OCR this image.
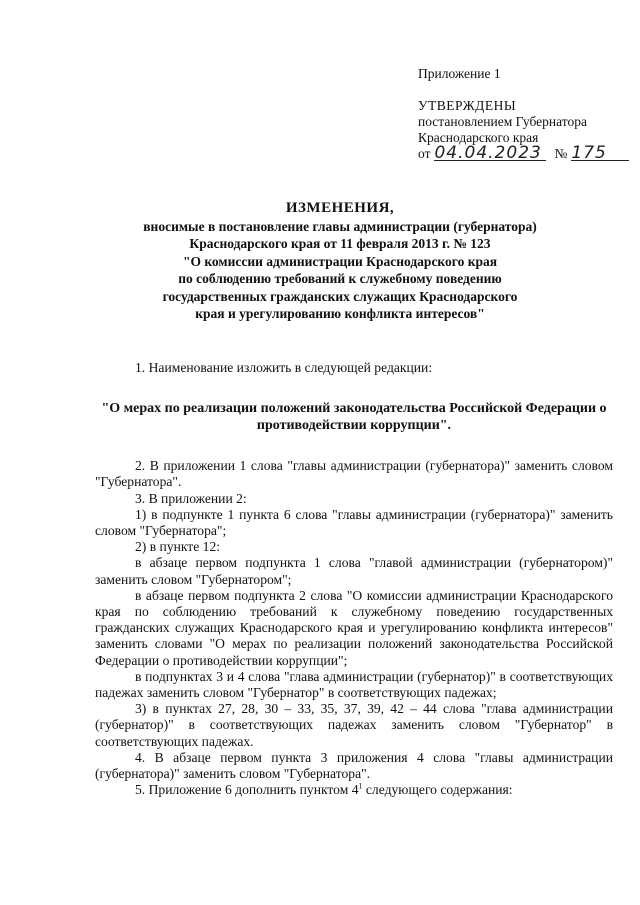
Приложение 1
УТВЕРЖДЕНЫ
постановлением Губернатора
Краснодарского края
от 04.04.2023 № 175
ИЗМЕНЕНИЯ,
вносимые в постановление главы администрации (губернатора)
Краснодарского края от 11 февраля 2013 г. № 123
"О комиссии администрации Краснодарского края
по соблюдению требований к служебному поведению
государственных гражданских служащих Краснодарского
края и урегулированию конфликта интересов"

1. Наименование изложить в следующей редакции:

"О мерах по реализации положений законодательства Российской Федерации о противодействии коррупции".

2. В приложении 1 слова "главы администрации (губернатора)" заменить словом "Губернатора".

3. В приложении 2:

1) в подпункте 1 пункта 6 слова "главы администрации (губернатора)" заменить словом "Губернатора";

2) в пункте 12:

в абзаце первом подпункта 1 слова "главой администрации (губернатором)" заменить словом "Губернатором";

в абзаце первом подпункта 2 слова "О комиссии администрации Краснодарского края по соблюдению требований к служебному поведению государственных гражданских служащих Краснодарского края и урегулированию конфликта интересов" заменить словами "О мерах по реализации положений законодательства Российской Федерации о противодействии коррупции";

в подпунктах 3 и 4 слова "глава администрации (губернатор)" в соответствующих падежах заменить словом "Губернатор" в соответствующих падежах;

3) в пунктах 27, 28, 30 – 33, 35, 37, 39, 42 – 44 слова "глава администрации (губернатор)" в соответствующих падежах заменить словом "Губернатор" в соответствующих падежах.

4. В абзаце первом пункта 3 приложения 4 слова "главы администрации (губернатора)" заменить словом "Губернатора".

5. Приложение 6 дополнить пунктом $4^1$ следующего содержания:
